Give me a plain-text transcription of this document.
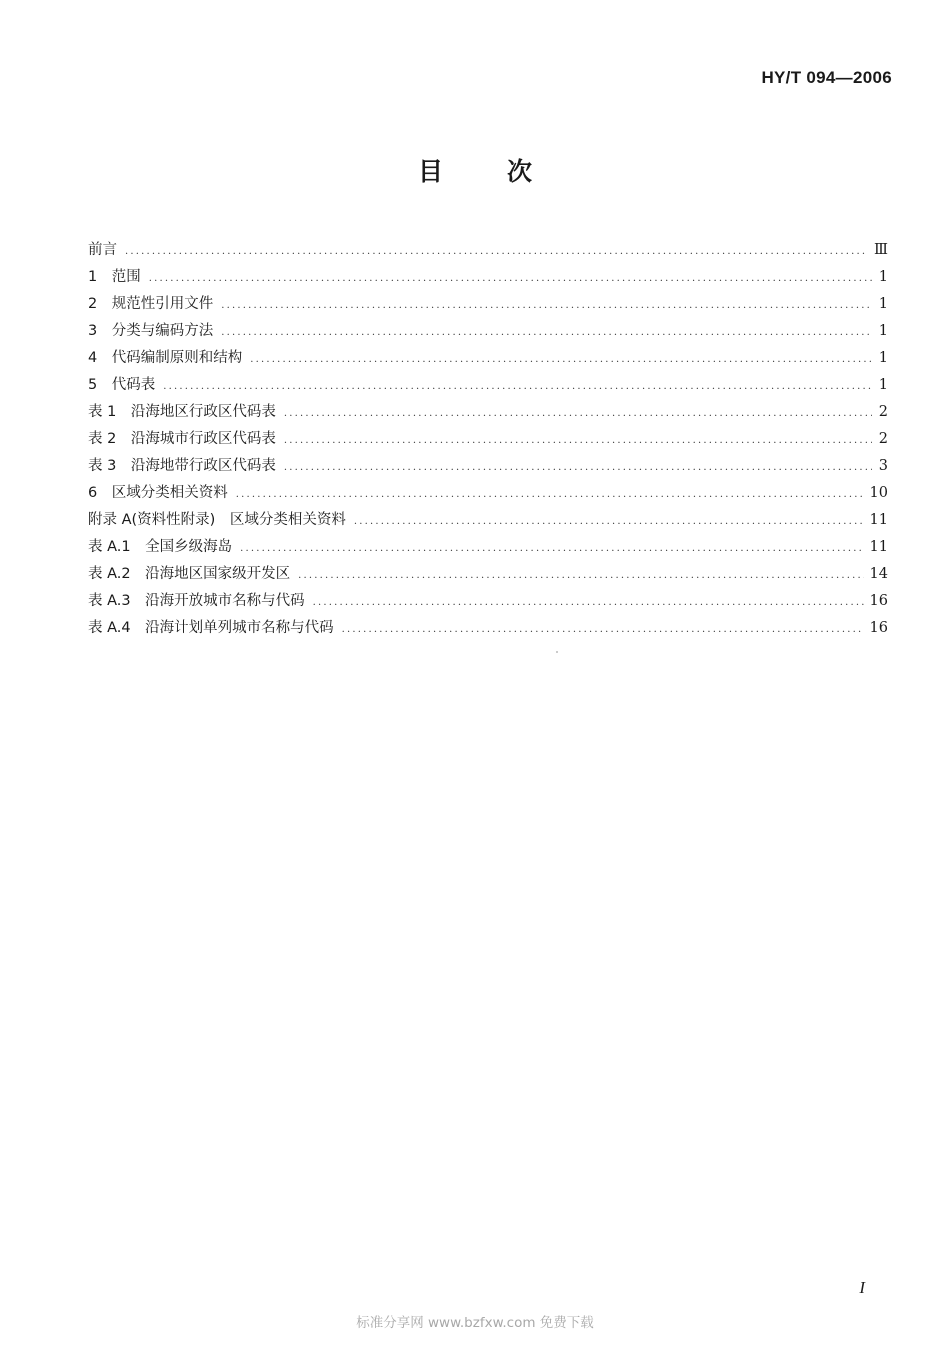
HY/T 094—2006
目次
前言 .....	Ⅲ
1　范围 .....	1
2　规范性引用文件 .....	1
3　分类与编码方法 .....	1
4　代码编制原则和结构 .....	1
5　代码表 .....	1
表 1　沿海地区行政区代码表 .....	2
表 2　沿海城市行政区代码表 .....	2
表 3　沿海地带行政区代码表 .....	3
6　区域分类相关资料 .....	10
附录 A(资料性附录)　区域分类相关资料 .....	11
表 A.1　全国乡级海岛 .....	11
表 A.2　沿海地区国家级开发区 .....	14
表 A.3　沿海开放城市名称与代码 .....	16
表 A.4　沿海计划单列城市名称与代码 .....	16
I
标准分享网 www.bzfxw.com 免费下载
